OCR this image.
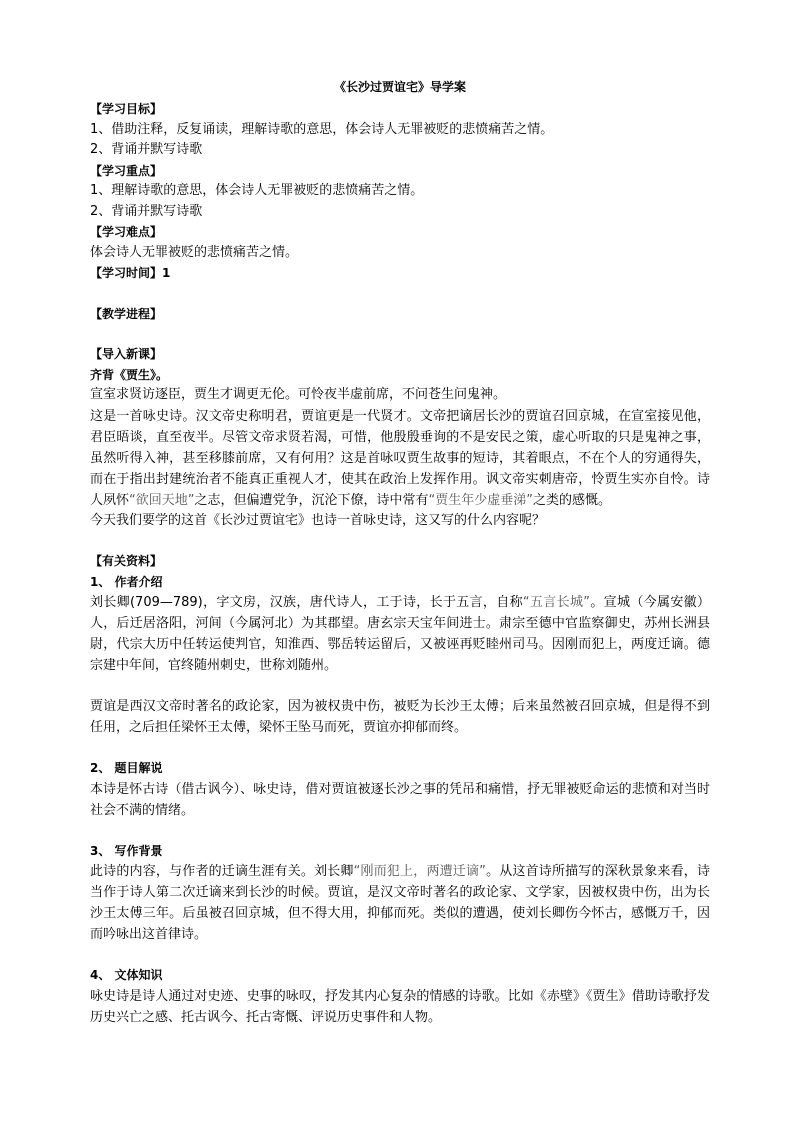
《长沙过贾谊宅》导学案
【学习目标】
1、借助注释，反复诵读，理解诗歌的意思，体会诗人无罪被贬的悲愤痛苦之情。
2、背诵并默写诗歌
【学习重点】
1、理解诗歌的意思，体会诗人无罪被贬的悲愤痛苦之情。
2、背诵并默写诗歌
【学习难点】
体会诗人无罪被贬的悲愤痛苦之情。
【学习时间】1
【教学进程】
【导入新课】
齐背《贾生》。
宣室求贤访逐臣，贾生才调更无伦。可怜夜半虚前席，不问苍生问鬼神。
这是一首咏史诗。汉文帝史称明君，贾谊更是一代贤才。文帝把谪居长沙的贾谊召回京城，在宣室接见他，君臣晤谈，直至夜半。尽管文帝求贤若渴，可惜，他殷殷垂询的不是安民之策，虚心听取的只是鬼神之事，虽然听得入神，甚至移膝前席，又有何用？这是首咏叹贾生故事的短诗，其着眼点，不在个人的穷通得失，而在于指出封建统治者不能真正重视人才，使其在政治上发挥作用。讽文帝实刺唐帝，怜贾生实亦自怜。诗人夙怀“欲回天地”之志，但偏遭党争，沉沦下僚，诗中常有“贾生年少虚垂涕”之类的感慨。
今天我们要学的这首《长沙过贾谊宅》也诗一首咏史诗，这又写的什么内容呢？
【有关资料】
1、 作者介绍
刘长卿(709—789)，字文房，汉族，唐代诗人，工于诗，长于五言，自称“五言长城”。宣城（今属安徽）人，后迁居洛阳，河间（今属河北）为其郡望。唐玄宗天宝年间进士。肃宗至德中官监察御史，苏州长洲县尉，代宗大历中任转运使判官，知淮西、鄂岳转运留后，又被诬再贬睦州司马。因刚而犯上，两度迁谪。德宗建中年间，官终随州刺史，世称刘随州。
贾谊是西汉文帝时著名的政论家，因为被权贵中伤，被贬为长沙王太傅；后来虽然被召回京城，但是得不到任用，之后担任梁怀王太傅，梁怀王坠马而死，贾谊亦抑郁而终。
2、 题目解说
本诗是怀古诗（借古讽今）、咏史诗，借对贾谊被逐长沙之事的凭吊和痛惜，抒无罪被贬命运的悲愤和对当时社会不满的情绪。
3、 写作背景
此诗的内容，与作者的迁谪生涯有关。刘长卿“刚而犯上，两遭迁谪”。从这首诗所描写的深秋景象来看，诗当作于诗人第二次迁谪来到长沙的时候。贾谊，是汉文帝时著名的政论家、文学家，因被权贵中伤，出为长沙王太傅三年。后虽被召回京城，但不得大用，抑郁而死。类似的遭遇，使刘长卿伤今怀古，感慨万千，因而吟咏出这首律诗。
4、 文体知识
咏史诗是诗人通过对史迹、史事的咏叹，抒发其内心复杂的情感的诗歌。比如《赤壁》《贾生》借助诗歌抒发历史兴亡之感、托古讽今、托古寄慨、评说历史事件和人物。
